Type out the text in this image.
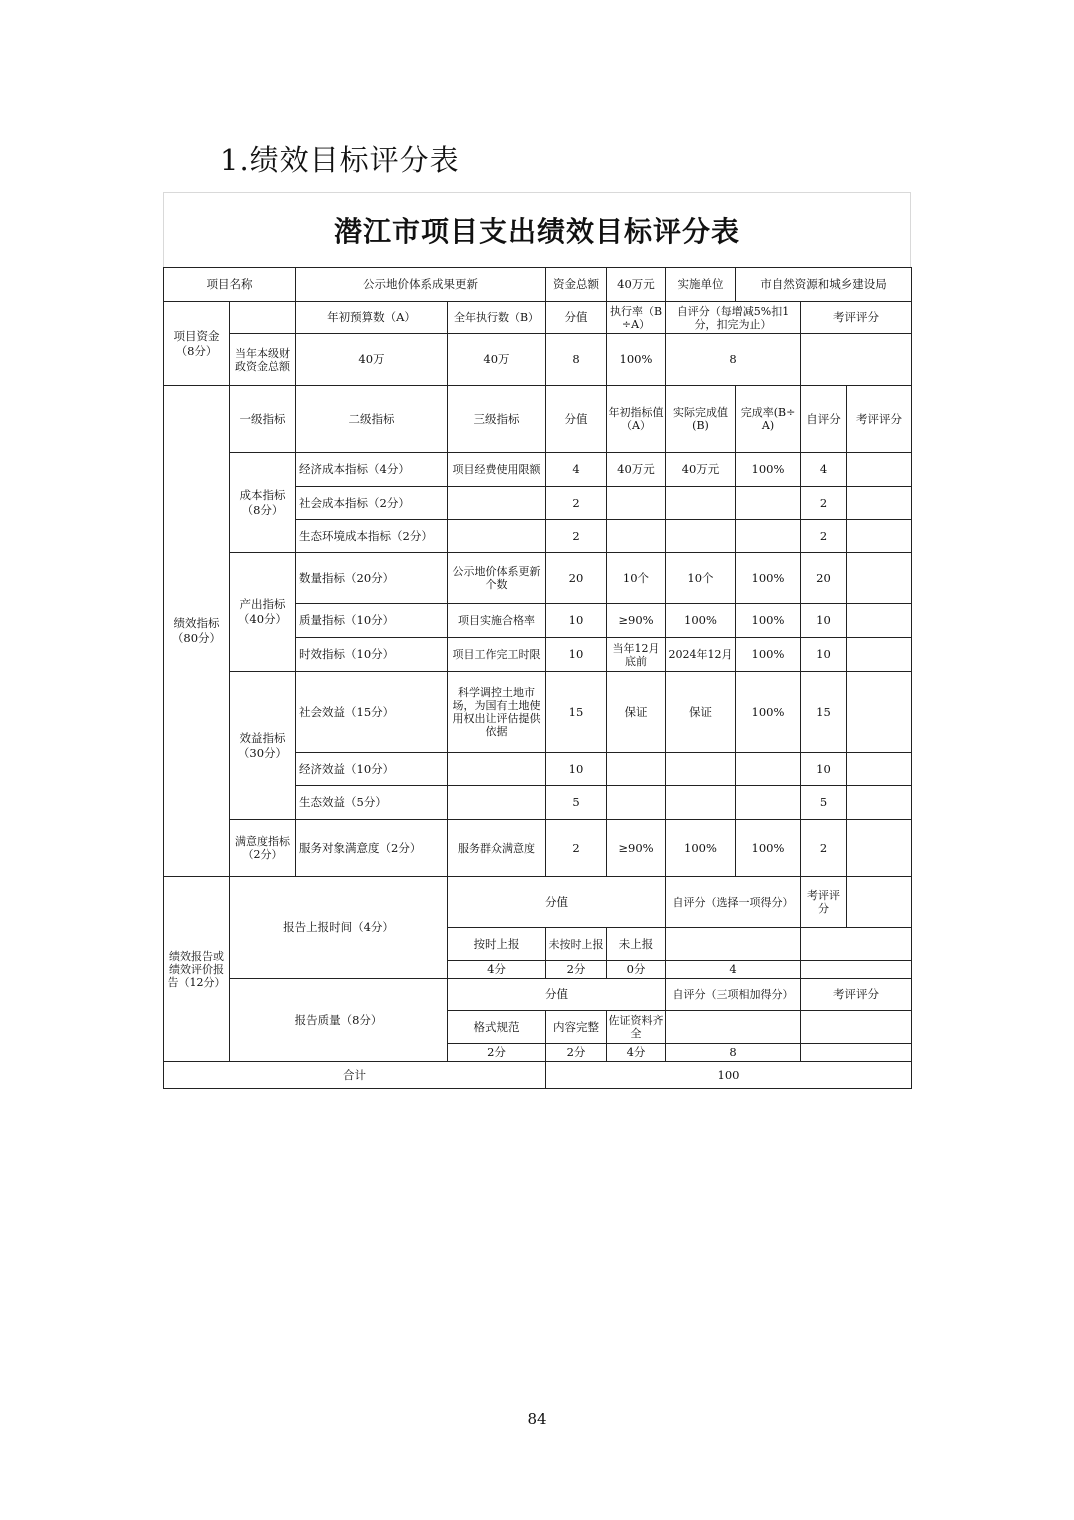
1.绩效目标评分表
潜江市项目支出绩效目标评分表
项目名称		公示地价体系成果更新		资金总额	40万元	实施单位	市自然资源和城乡建设局		
项目资金（8分）		年初预算数（A）	全年执行数（B）	分值	执行率（B÷A）	自评分（每增减5%扣1分，扣完为止）		考评评分	
	当年本级财政资金总额	40万	40万	8	100%	8			
绩效指标（80分）	一级指标	二级指标	三级指标	分值	年初指标值（A）	实际完成值(B)	完成率(B÷A)	自评分	考评评分
	成本指标（8分）	经济成本指标（4分）	项目经费使用限额	4	40万元	40万元	100%	4	
		社会成本指标（2分）		2				2	
		生态环境成本指标（2分）		2				2	
	产出指标（40分）	数量指标（20分）	公示地价体系更新个数	20	10个	10个	100%	20	
		质量指标（10分）	项目实施合格率	10	≥90%	100%	100%	10	
		时效指标（10分）	项目工作完工时限	10	当年12月底前	2024年12月	100%	10	
	效益指标（30分）	社会效益（15分）	科学调控土地市场，为国有土地使用权出让评估提供依据	15	保证	保证	100%	15	
		经济效益（10分）		10				10	
		生态效益（5分）		5				5	
	满意度指标（2分）	服务对象满意度（2分）	服务群众满意度	2	≥90%	100%	100%	2	
绩效报告或绩效评价报告（12分）	报告上报时间（4分）		分值			自评分（选择一项得分）		考评评分	
			按时上报	未按时上报	未上报				
			4分	2分	0分	4			
	报告质量（8分）		分值			自评分（三项相加得分）		考评评分	
			格式规范	内容完整	佐证资料齐全				
			2分	2分	4分	8			
合计				100					
84
